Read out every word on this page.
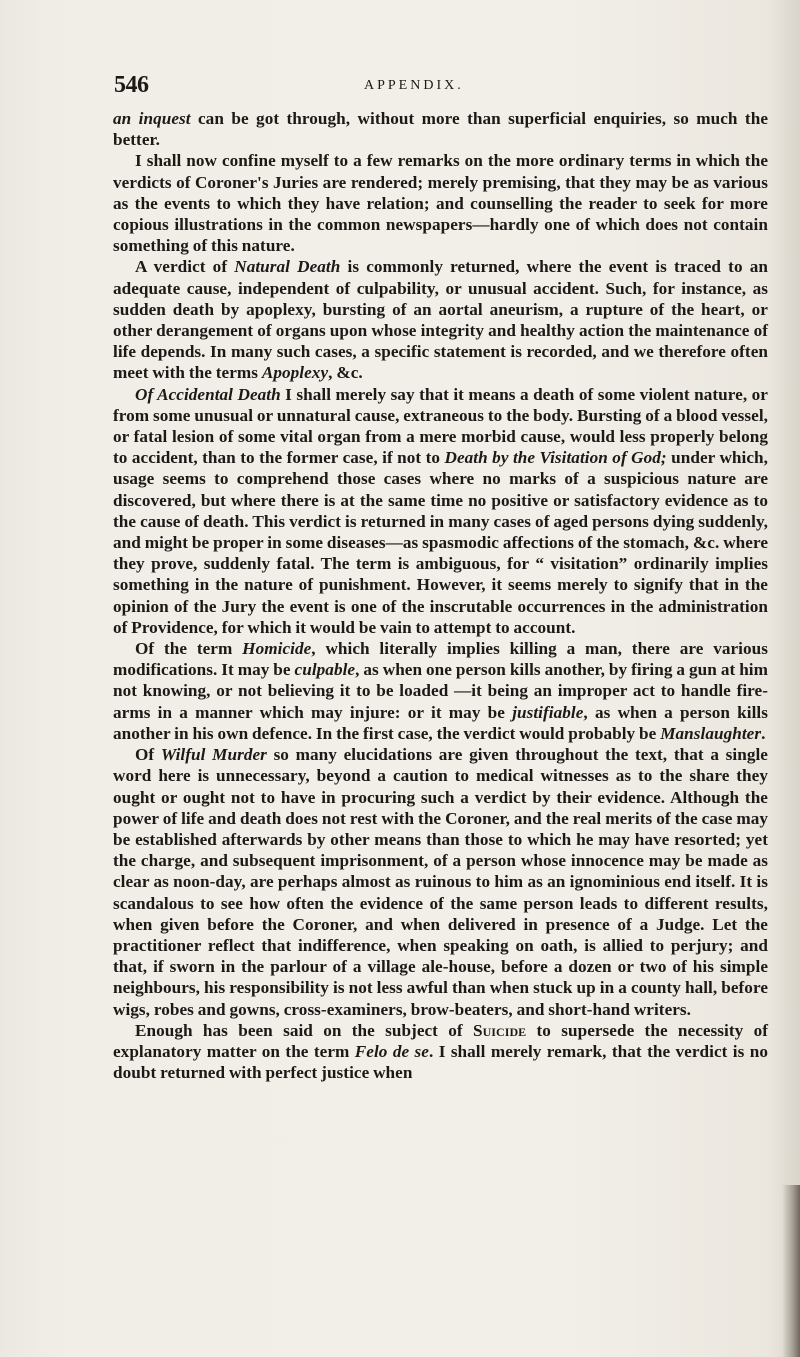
546	APPENDIX.

an inquest can be got through, without more than superficial enquiries, so much the better.

I shall now confine myself to a few remarks on the more ordinary terms in which the verdicts of Coroner's Juries are rendered; merely premising, that they may be as various as the events to which they have relation; and counselling the reader to seek for more copious illustrations in the common newspapers—hardly one of which does not contain something of this nature.

A verdict of Natural Death is commonly returned, where the event is traced to an adequate cause, independent of culpability, or unusual accident. Such, for instance, as sudden death by apoplexy, bursting of an aortal aneurism, a rupture of the heart, or other derangement of organs upon whose integrity and healthy action the maintenance of life depends. In many such cases, a specific statement is recorded, and we therefore often meet with the terms Apoplexy, &c.

Of Accidental Death I shall merely say that it means a death of some violent nature, or from some unusual or unnatural cause, extraneous to the body. Bursting of a blood vessel, or fatal lesion of some vital organ from a mere morbid cause, would less properly belong to accident, than to the former case, if not to Death by the Visitation of God; under which, usage seems to comprehend those cases where no marks of a suspicious nature are discovered, but where there is at the same time no positive or satisfactory evidence as to the cause of death. This verdict is returned in many cases of aged persons dying suddenly, and might be proper in some diseases—as spasmodic affections of the stomach, &c. where they prove, suddenly fatal. The term is ambiguous, for “ visitation” ordinarily implies something in the nature of punishment. However, it seems merely to signify that in the opinion of the Jury the event is one of the inscrutable occurrences in the administration of Providence, for which it would be vain to attempt to account.

Of the term Homicide, which literally implies killing a man, there are various modifications. It may be culpable, as when one person kills another, by firing a gun at him not knowing, or not believing it to be loaded —it being an improper act to handle fire-arms in a manner which may injure: or it may be justifiable, as when a person kills another in his own defence. In the first case, the verdict would probably be Manslaughter.

Of Wilful Murder so many elucidations are given throughout the text, that a single word here is unnecessary, beyond a caution to medical witnesses as to the share they ought or ought not to have in procuring such a verdict by their evidence. Although the power of life and death does not rest with the Coroner, and the real merits of the case may be established afterwards by other means than those to which he may have resorted; yet the charge, and subsequent imprisonment, of a person whose innocence may be made as clear as noon-day, are perhaps almost as ruinous to him as an ignominious end itself. It is scandalous to see how often the evidence of the same person leads to different results, when given before the Coroner, and when delivered in presence of a Judge. Let the practitioner reflect that indifference, when speaking on oath, is allied to perjury; and that, if sworn in the parlour of a village ale-house, before a dozen or two of his simple neighbours, his responsibility is not less awful than when stuck up in a county hall, before wigs, robes and gowns, cross-examiners, brow-beaters, and short-hand writers.

Enough has been said on the subject of Suicide to supersede the necessity of explanatory matter on the term Felo de se. I shall merely remark, that the verdict is no doubt returned with perfect justice when
